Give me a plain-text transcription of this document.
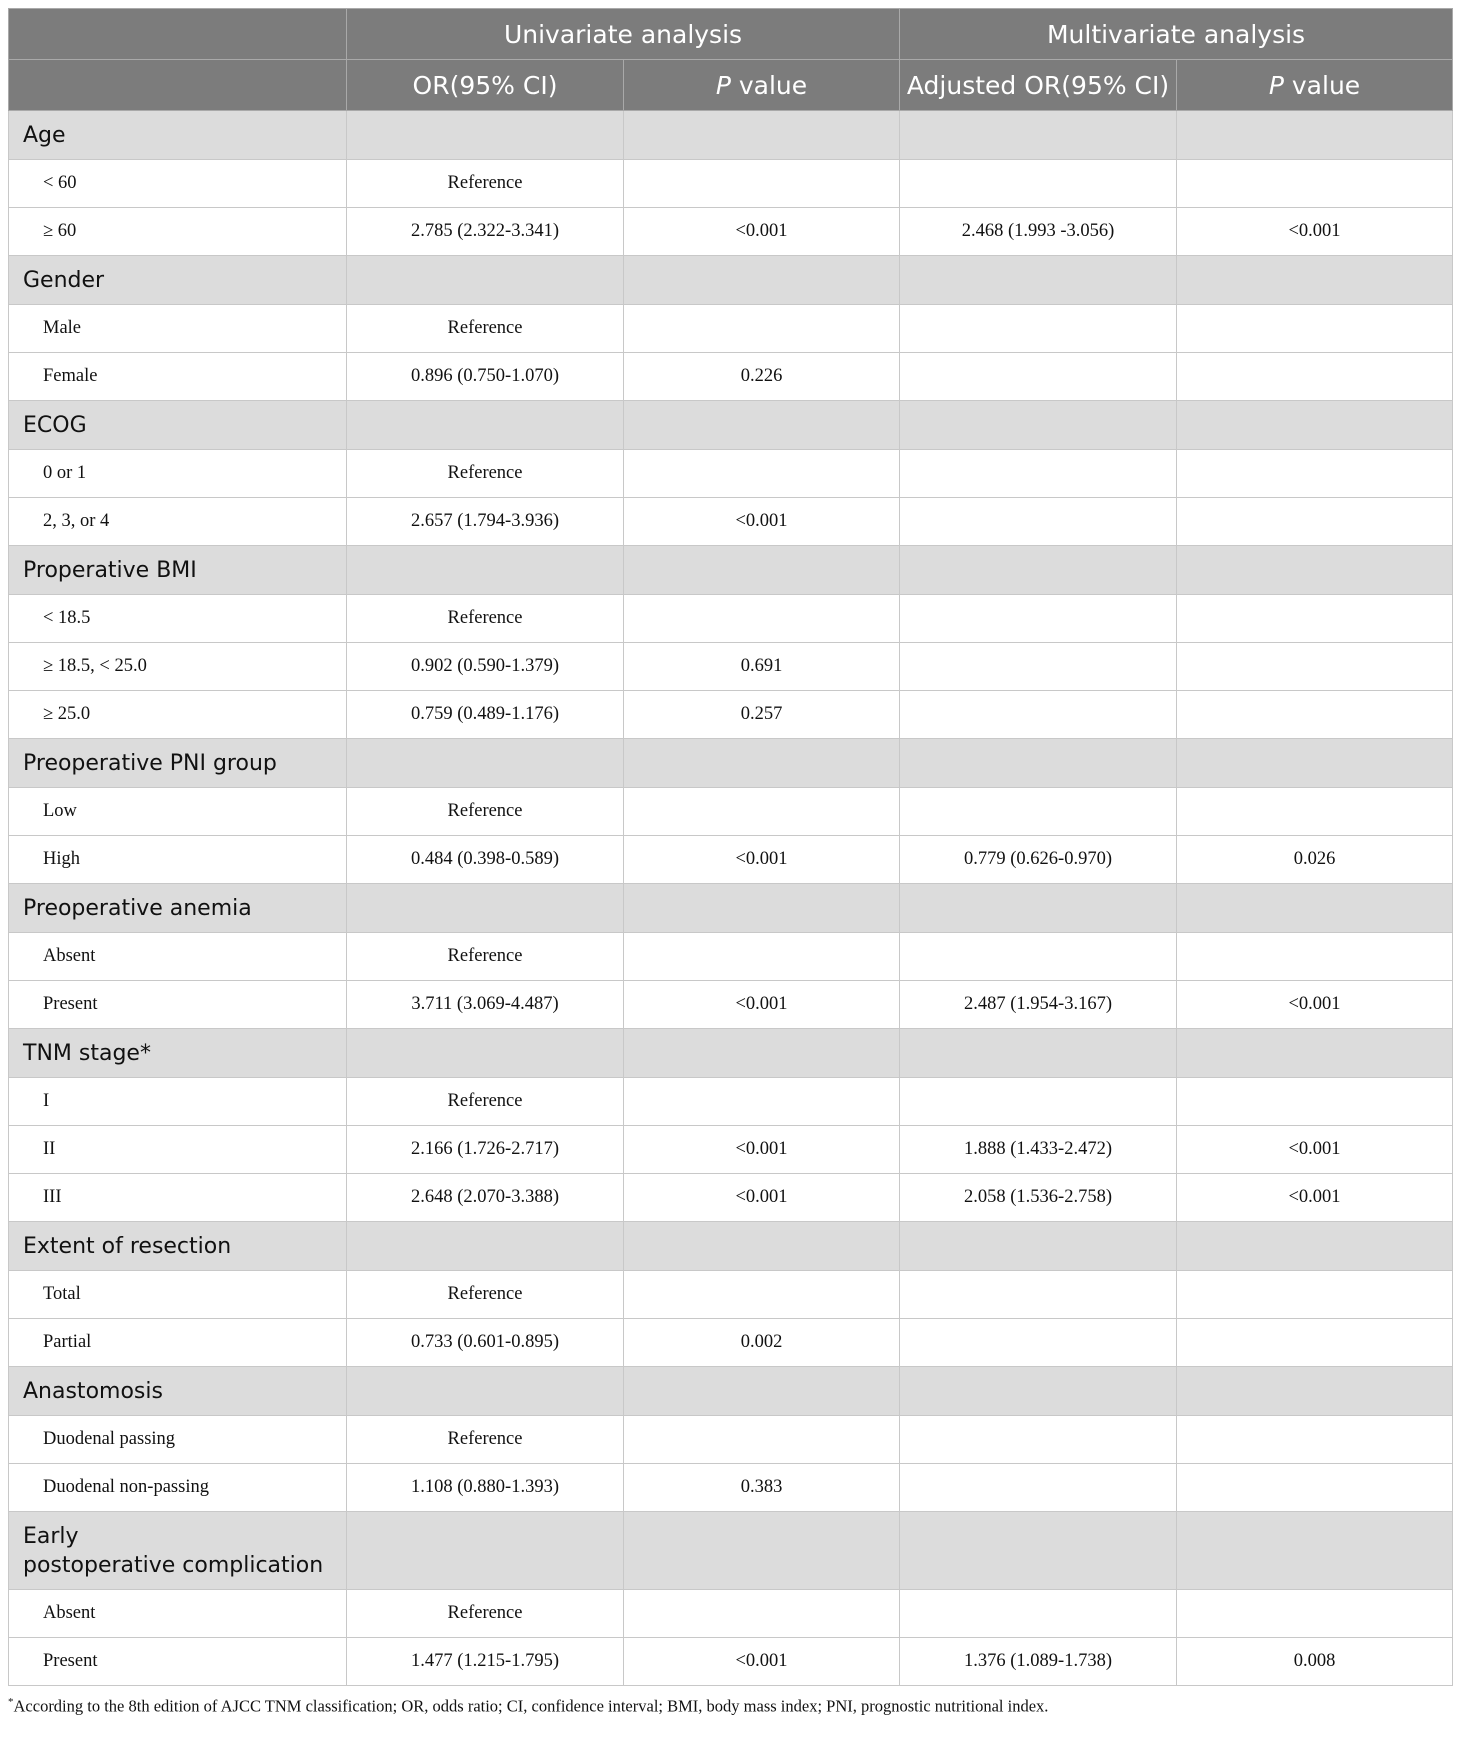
	Univariate analysis		Multivariate analysis	
	OR(95% CI)	P value	Adjusted OR(95% CI)	P value
Age				
< 60	Reference			
≥ 60	2.785 (2.322-3.341)	<0.001	2.468 (1.993 -3.056)	<0.001
Gender				
Male	Reference			
Female	0.896 (0.750-1.070)	0.226		
ECOG				
0 or 1	Reference			
2, 3, or 4	2.657 (1.794-3.936)	<0.001		
Properative BMI				
< 18.5	Reference			
≥ 18.5, < 25.0	0.902 (0.590-1.379)	0.691		
≥ 25.0	0.759 (0.489-1.176)	0.257		
Preoperative PNI group				
Low	Reference			
High	0.484 (0.398-0.589)	<0.001	0.779 (0.626-0.970)	0.026
Preoperative anemia				
Absent	Reference			
Present	3.711 (3.069-4.487)	<0.001	2.487 (1.954-3.167)	<0.001
TNM stage*				
I	Reference			
II	2.166 (1.726-2.717)	<0.001	1.888 (1.433-2.472)	<0.001
III	2.648 (2.070-3.388)	<0.001	2.058 (1.536-2.758)	<0.001
Extent of resection				
Total	Reference			
Partial	0.733 (0.601-0.895)	0.002		
Anastomosis				
Duodenal passing	Reference			
Duodenal non-passing	1.108 (0.880-1.393)	0.383		
Early
postoperative complication				
Absent	Reference			
Present	1.477 (1.215-1.795)	<0.001	1.376 (1.089-1.738)	0.008
*According to the 8th edition of AJCC TNM classification; OR, odds ratio; CI, confidence interval; BMI, body mass index; PNI, prognostic nutritional index.
